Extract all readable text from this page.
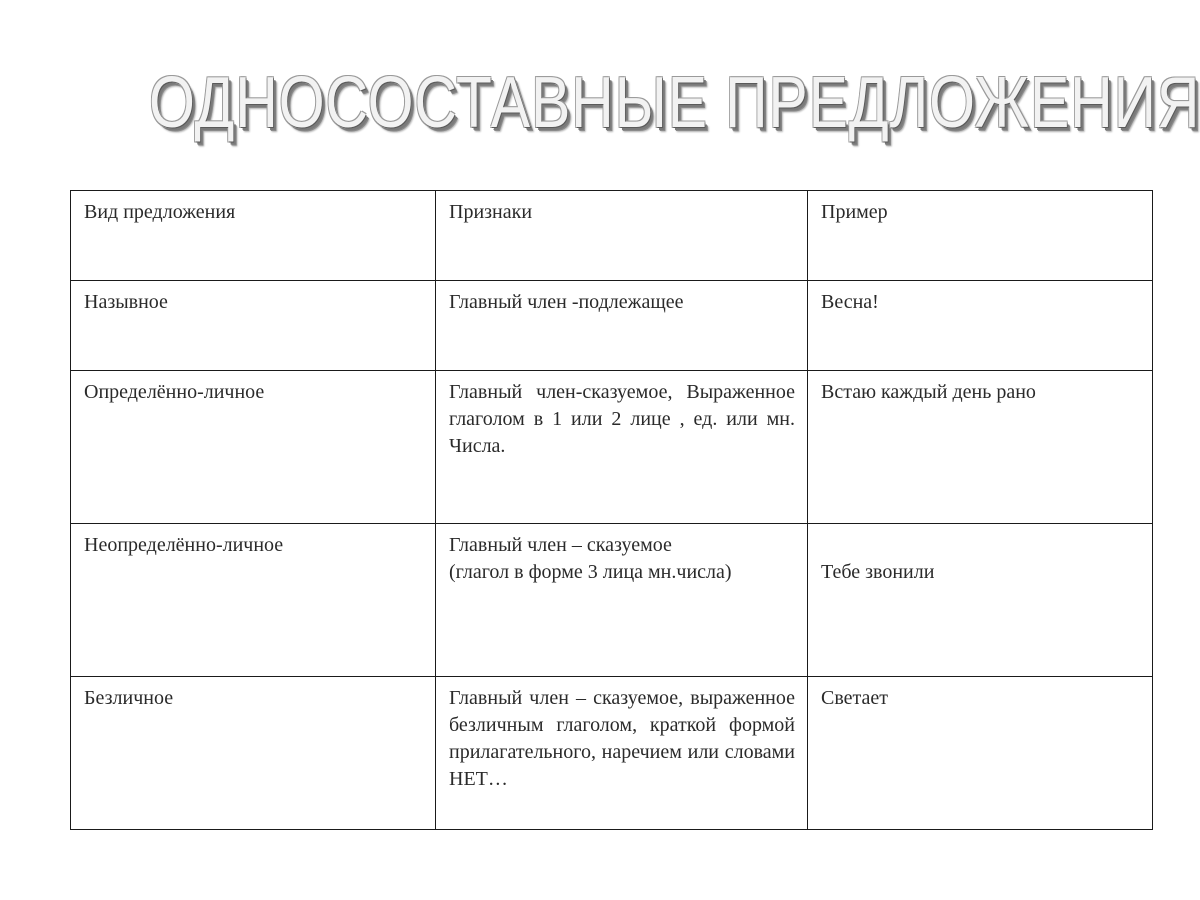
ОДНОСОСТАВНЫЕ ПРЕДЛОЖЕНИЯ
Вид предложения	Признаки	Пример

Назывное	Главный член -подлежащее	Весна!

Определённо-личное	Главный член-сказуемое, Выраженное глаголом в 1 или 2 лице , ед. или мн. Числа.	Встаю каждый день рано

Неопределённо-личное	Главный член – сказуемое
(глагол в форме 3 лица мн.числа)	Тебе звонили

Безличное	Главный член – сказуемое, выраженное безличным глаголом, краткой формой прилагательного, наречием или словами НЕТ…	Светает
